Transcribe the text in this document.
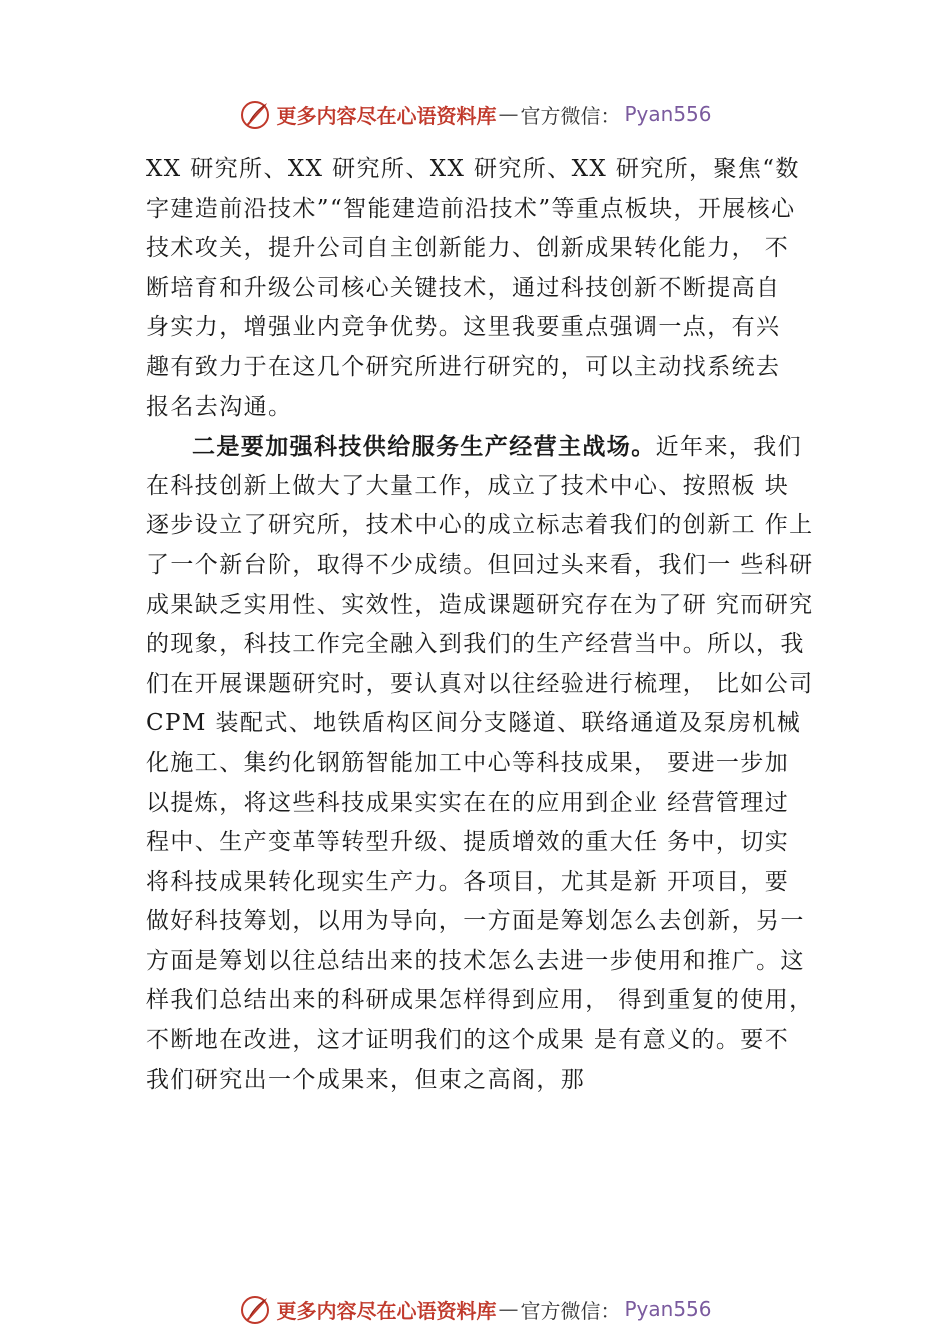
更多内容尽在心语资料库 — 官方微信： Pyan556
XX 研究所、XX 研究所、XX 研究所、XX 研究所，聚焦“数
字建造前沿技术”“智能建造前沿技术”等重点板块，开展核心
技术攻关，提升公司自主创新能力、创新成果转化能力， 不
断培育和升级公司核心关键技术，通过科技创新不断提高自
身实力，增强业内竞争优势。这里我要重点强调一点，有兴
趣有致力于在这几个研究所进行研究的，可以主动找系统去
报名去沟通。
二是要加强科技供给服务生产经营主战场。近年来，我们
在科技创新上做大了大量工作，成立了技术中心、按照板 块
逐步设立了研究所，技术中心的成立标志着我们的创新工 作上
了一个新台阶，取得不少成绩。但回过头来看，我们一 些科研
成果缺乏实用性、实效性，造成课题研究存在为了研 究而研究
的现象，科技工作完全融入到我们的生产经营当中。所以，我
们在开展课题研究时，要认真对以往经验进行梳理， 比如公司
CPM 装配式、地铁盾构区间分支隧道、联络通道及泵房机械
化施工、集约化钢筋智能加工中心等科技成果， 要进一步加
以提炼，将这些科技成果实实在在的应用到企业 经营管理过
程中、生产变革等转型升级、提质增效的重大任 务中，切实
将科技成果转化现实生产力。各项目，尤其是新 开项目，要
做好科技筹划，以用为导向，一方面是筹划怎么去创新，另一
方面是筹划以往总结出来的技术怎么去进一步使用和推广。这
样我们总结出来的科研成果怎样得到应用， 得到重复的使用，
不断地在改进，这才证明我们的这个成果 是有意义的。要不
我们研究出一个成果来，但束之高阁，那
更多内容尽在心语资料库 — 官方微信： Pyan556
